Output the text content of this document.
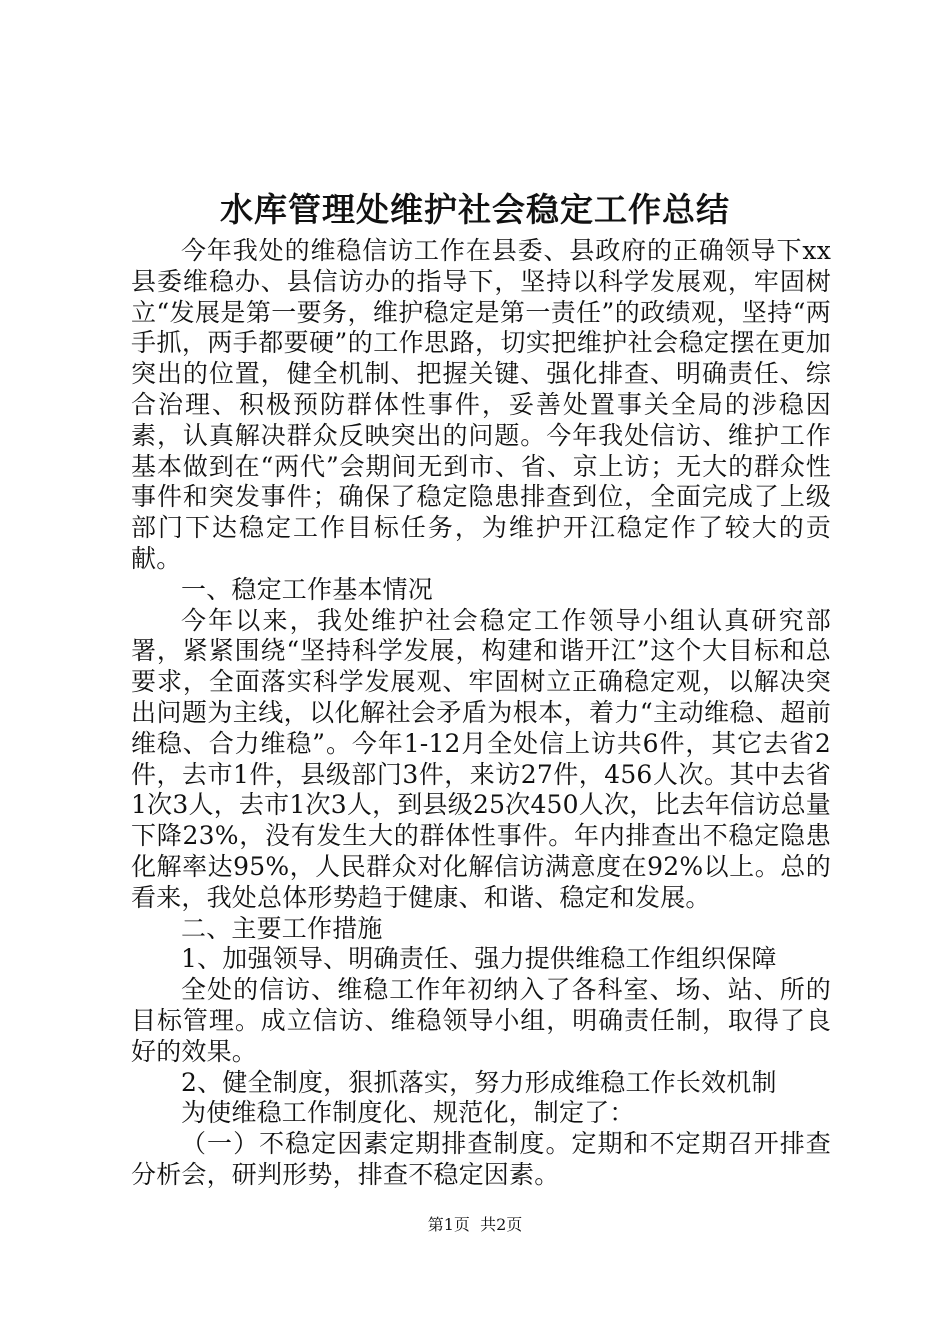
水库管理处维护社会稳定工作总结

今年我处的维稳信访工作在县委、县政府的正确领导下xx县委维稳办、县信访办的指导下，坚持以科学发展观，牢固树立“发展是第一要务，维护稳定是第一责任”的政绩观，坚持“两手抓，两手都要硬”的工作思路，切实把维护社会稳定摆在更加突出的位置，健全机制、把握关键、强化排查、明确责任、综合治理、积极预防群体性事件，妥善处置事关全局的涉稳因素，认真解决群众反映突出的问题。今年我处信访、维护工作基本做到在“两代”会期间无到市、省、京上访；无大的群众性事件和突发事件；确保了稳定隐患排查到位，全面完成了上级部门下达稳定工作目标任务，为维护开江稳定作了较大的贡献。

一、稳定工作基本情况

今年以来，我处维护社会稳定工作领导小组认真研究部署，紧紧围绕“坚持科学发展，构建和谐开江”这个大目标和总要求，全面落实科学发展观、牢固树立正确稳定观，以解决突出问题为主线，以化解社会矛盾为根本，着力“主动维稳、超前维稳、合力维稳”。今年1-12月全处信上访共6件，其它去省2件，去市1件，县级部门3件，来访27件，456人次。其中去省1次3人，去市1次3人，到县级25次450人次，比去年信访总量下降23%，没有发生大的群体性事件。年内排查出不稳定隐患化解率达95%，人民群众对化解信访满意度在92%以上。总的看来，我处总体形势趋于健康、和谐、稳定和发展。

二、主要工作措施

1、加强领导、明确责任、强力提供维稳工作组织保障

全处的信访、维稳工作年初纳入了各科室、场、站、所的目标管理。成立信访、维稳领导小组，明确责任制，取得了良好的效果。

2、健全制度，狠抓落实，努力形成维稳工作长效机制

为使维稳工作制度化、规范化，制定了：

（一）不稳定因素定期排查制度。定期和不定期召开排查分析会，研判形势，排查不稳定因素。

第1页 共2页
